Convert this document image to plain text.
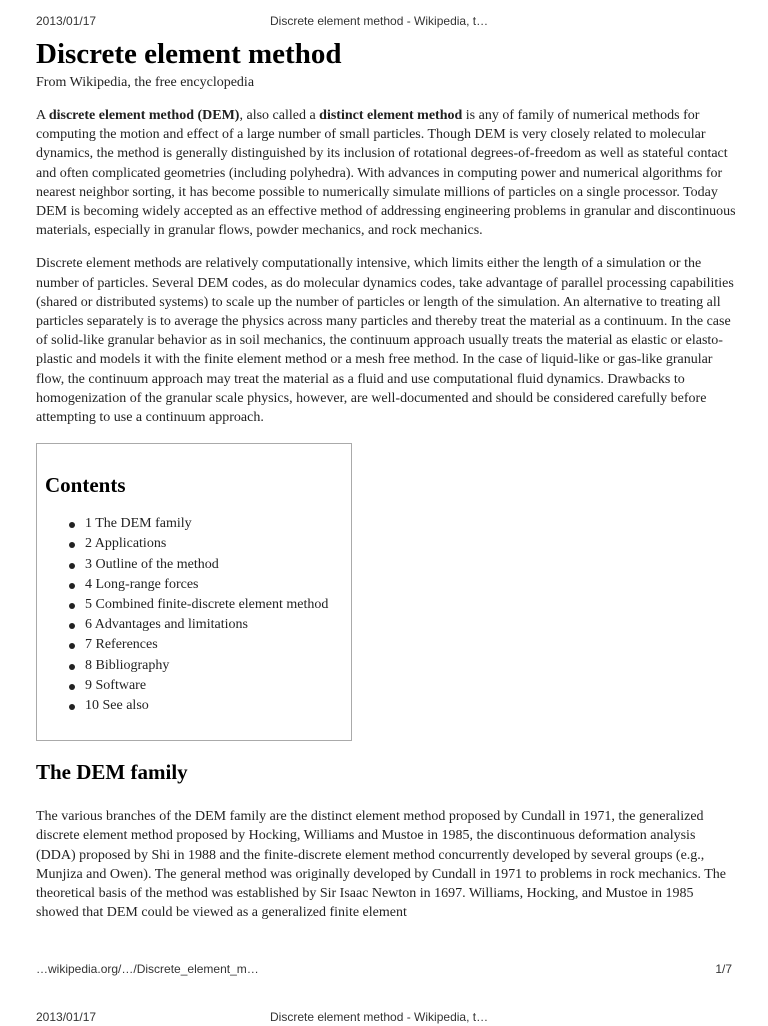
2013/01/17	Discrete element method - Wikipedia, t…
Discrete element method
From Wikipedia, the free encyclopedia

A discrete element method (DEM), also called a distinct element method is any of family of numerical methods for computing the motion and effect of a large number of small particles. Though DEM is very closely related to molecular dynamics, the method is generally distinguished by its inclusion of rotational degrees-of-freedom as well as stateful contact and often complicated geometries (including polyhedra). With advances in computing power and numerical algorithms for nearest neighbor sorting, it has become possible to numerically simulate millions of particles on a single processor. Today DEM is becoming widely accepted as an effective method of addressing engineering problems in granular and discontinuous materials, especially in granular flows, powder mechanics, and rock mechanics.

Discrete element methods are relatively computationally intensive, which limits either the length of a simulation or the number of particles. Several DEM codes, as do molecular dynamics codes, take advantage of parallel processing capabilities (shared or distributed systems) to scale up the number of particles or length of the simulation. An alternative to treating all particles separately is to average the physics across many particles and thereby treat the material as a continuum. In the case of solid-like granular behavior as in soil mechanics, the continuum approach usually treats the material as elastic or elasto-plastic and models it with the finite element method or a mesh free method. In the case of liquid-like or gas-like granular flow, the continuum approach may treat the material as a fluid and use computational fluid dynamics. Drawbacks to homogenization of the granular scale physics, however, are well-documented and should be considered carefully before attempting to use a continuum approach.

Contents
1 The DEM family
2 Applications
3 Outline of the method
4 Long-range forces
5 Combined finite-discrete element method
6 Advantages and limitations
7 References
8 Bibliography
9 Software
10 See also
The DEM family

The various branches of the DEM family are the distinct element method proposed by Cundall in 1971, the generalized discrete element method proposed by Hocking, Williams and Mustoe in 1985, the discontinuous deformation analysis (DDA) proposed by Shi in 1988 and the finite-discrete element method concurrently developed by several groups (e.g., Munjiza and Owen). The general method was originally developed by Cundall in 1971 to problems in rock mechanics. The theoretical basis of the method was established by Sir Isaac Newton in 1697. Williams, Hocking, and Mustoe in 1985 showed that DEM could be viewed as a generalized finite element

…wikipedia.org/…/Discrete_element_m…	1/7
2013/01/17	Discrete element method - Wikipedia, t…
